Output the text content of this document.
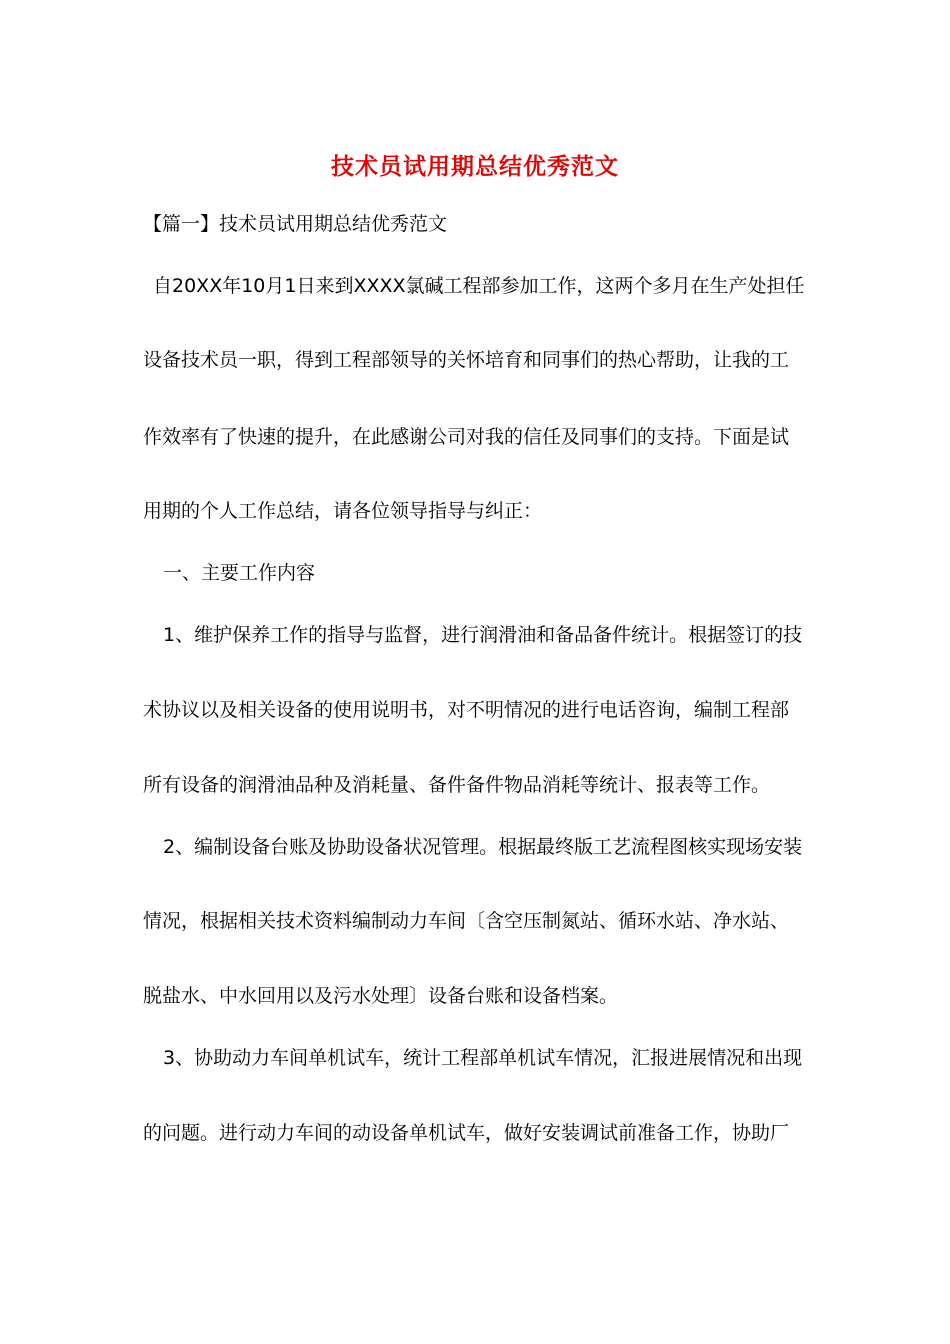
技术员试用期总结优秀范文
【篇一】技术员试用期总结优秀范文
自20XX年10月1日来到XXXX氯碱工程部参加工作，这两个多月在生产处担任
设备技术员一职，得到工程部领导的关怀培育和同事们的热心帮助，让我的工
作效率有了快速的提升，在此感谢公司对我的信任及同事们的支持。下面是试
用期的个人工作总结，请各位领导指导与纠正：
一、主要工作内容
1、维护保养工作的指导与监督，进行润滑油和备品备件统计。根据签订的技
术协议以及相关设备的使用说明书，对不明情况的进行电话咨询，编制工程部
所有设备的润滑油品种及消耗量、备件备件物品消耗等统计、报表等工作。
2、编制设备台账及协助设备状况管理。根据最终版工艺流程图核实现场安装
情况，根据相关技术资料编制动力车间〔含空压制氮站、循环水站、净水站、
脱盐水、中水回用以及污水处理〕设备台账和设备档案。
3、协助动力车间单机试车，统计工程部单机试车情况，汇报进展情况和出现
的问题。进行动力车间的动设备单机试车，做好安装调试前准备工作，协助厂
